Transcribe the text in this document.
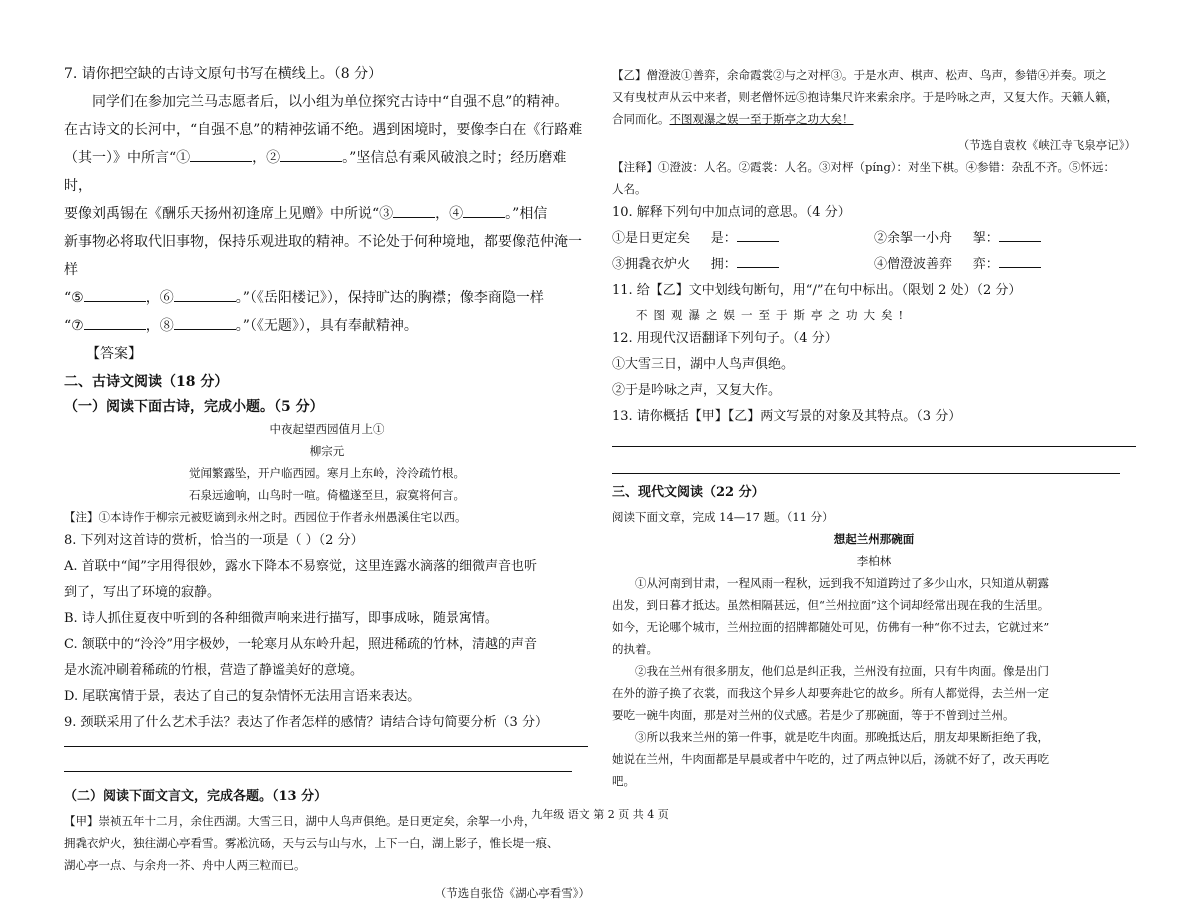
7. 请你把空缺的古诗文原句书写在横线上。（8 分）

同学们在参加完兰马志愿者后，以小组为单位探究古诗中“自强不息”的精神。

在古诗文的长河中，“自强不息”的精神弦诵不绝。遇到困境时，要像李白在《行路难

（其一）》中所言“①	，②	。”坚信总有乘风破浪之时；经历磨难时，

要像刘禹锡在《酬乐天扬州初逢席上见赠》中所说“③	，④	。”相信

新事物必将取代旧事物，保持乐观进取的精神。不论处于何种境地，都要像范仲淹一样

“⑤	，⑥	。”（《岳阳楼记》），保持旷达的胸襟；像李商隐一样

“⑦	，⑧	。”（《无题》），具有奉献精神。

【答案】

二、古诗文阅读（18 分）

（一）阅读下面古诗，完成小题。（5 分）

中夜起望西园值月上①

柳宗元

觉闻繁露坠，开户临西园。寒月上东岭，泠泠疏竹根。

石泉远逾响，山鸟时一喧。倚楹遂至旦，寂寞将何言。

【注】①本诗作于柳宗元被贬谪到永州之时。西园位于作者永州愚溪住宅以西。

8. 下列对这首诗的赏析，恰当的一项是（ ）（2 分）

A. 首联中“闻”字用得很妙，露水下降本不易察觉，这里连露水滴落的细微声音也听

到了，写出了环境的寂静。

B. 诗人抓住夏夜中听到的各种细微声响来进行描写，即事成咏，随景寓情。

C. 颔联中的“泠泠”用字极妙，一轮寒月从东岭升起，照进稀疏的竹林，清越的声音

是水流冲刷着稀疏的竹根，营造了静谧美好的意境。

D. 尾联寓情于景，表达了自己的复杂情怀无法用言语来表达。

9. 颈联采用了什么艺术手法？表达了作者怎样的感情？请结合诗句简要分析（3 分）

（二）阅读下面文言文，完成各题。（13 分）

【甲】崇祯五年十二月，余住西湖。大雪三日，湖中人鸟声俱绝。是日更定矣，余挐一小舟，

拥毳衣炉火，独往湖心亭看雪。雾凇沆砀，天与云与山与水，上下一白，湖上影子，惟长堤一痕、

湖心亭一点、与余舟一芥、舟中人两三粒而已。

（节选自张岱《湖心亭看雪》）

【乙】僧澄波①善弈，余命霞裳②与之对枰③。于是水声、棋声、松声、鸟声，参错④并奏。项之

又有曳杖声从云中来者，则老僧怀远⑤抱诗集尺许来索余序。于是吟咏之声，又复大作。天籁人籁，

合同而化。不图观瀑之娱一至于斯亭之功大矣！

（节选自袁枚《峡江寺飞泉亭记》）

【注释】①澄波：人名。②霞裳：人名。③对枰（píng）：对坐下棋。④参错：杂乱不齐。⑤怀远：

人名。

10. 解释下列句中加点词的意思。（4 分）

①是日更定矣 是：	②余挐一小舟 挐：

③拥毳衣炉火 拥：	④僧澄波善弈 弈：

11. 给【乙】文中划线句断句，用“/”在句中标出。（限划 2 处）（2 分）

不图观瀑之娱一至于斯亭之功大矣!

12. 用现代汉语翻译下列句子。（4 分）

①大雪三日，湖中人鸟声俱绝。

②于是吟咏之声，又复大作。

13. 请你概括【甲】【乙】两文写景的对象及其特点。（3 分）

三、现代文阅读（22 分）

阅读下面文章，完成 14—17 题。（11 分）

想起兰州那碗面

李柏林

①从河南到甘肃，一程风雨一程秋，远到我不知道跨过了多少山水，只知道从朝露

出发，到日暮才抵达。虽然相隔甚远，但“兰州拉面”这个词却经常出现在我的生活里。

如今，无论哪个城市，兰州拉面的招牌都随处可见，仿佛有一种“你不过去，它就过来”

的执着。

②我在兰州有很多朋友，他们总是纠正我，兰州没有拉面，只有牛肉面。像是出门

在外的游子换了衣裳，而我这个异乡人却要奔赴它的故乡。所有人都觉得，去兰州一定

要吃一碗牛肉面，那是对兰州的仪式感。若是少了那碗面，等于不曾到过兰州。

③所以我来兰州的第一件事，就是吃牛肉面。那晚抵达后，朋友却果断拒绝了我，

她说在兰州，牛肉面都是早晨或者中午吃的，过了两点钟以后，汤就不好了，改天再吃

吧。

九年级 语文 第 2 页 共 4 页
